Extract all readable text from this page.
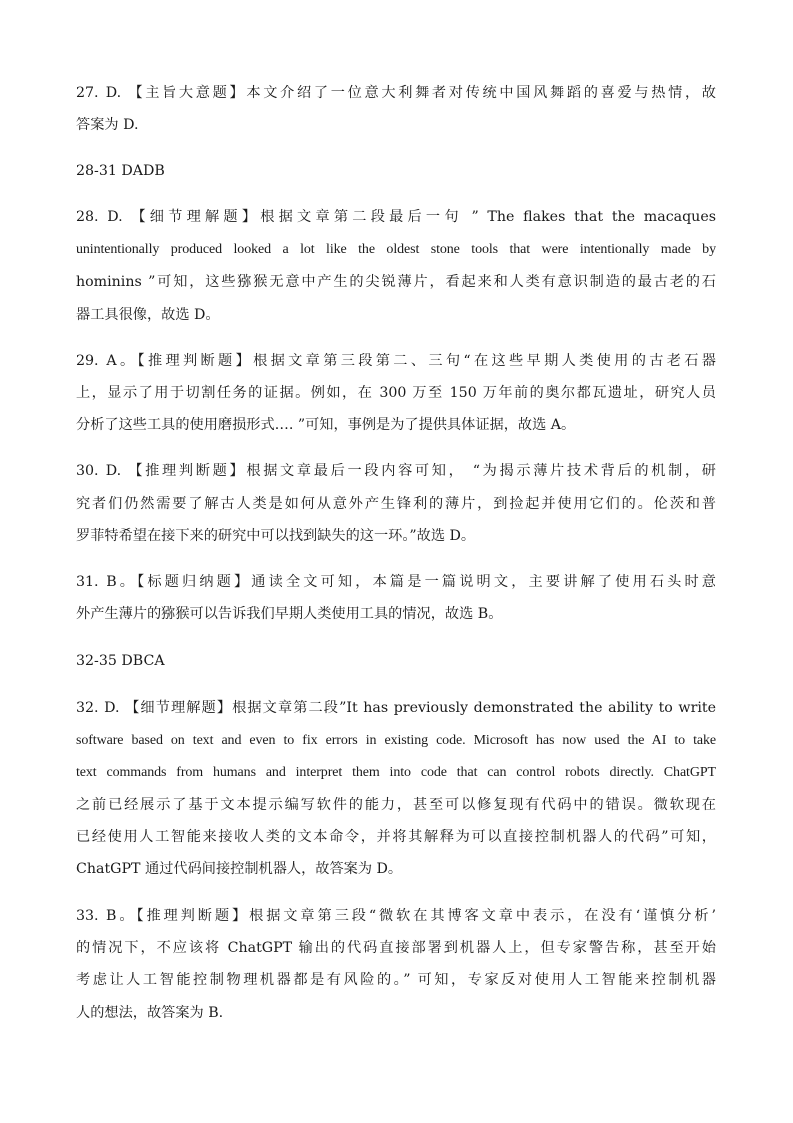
27. D. 【主旨大意题】本文介绍了一位意大利舞者对传统中国风舞蹈的喜爱与热情，故
答案为 D.
28-31 DADB
28. D. 【细节理解题】根据文章第二段最后一句 ” The flakes that the macaques
unintentionally produced looked a lot like the oldest stone tools that were intentionally made by
hominins ”可知，这些猕猴无意中产生的尖锐薄片，看起来和人类有意识制造的最古老的石
器工具很像，故选 D。
29. A。【推理判断题】根据文章第三段第二、三句“在这些早期人类使用的古老石器
上，显示了用于切割任务的证据。例如，在 300 万至 150 万年前的奥尔都瓦遗址，研究人员
分析了这些工具的使用磨损形式…. ”可知，事例是为了提供具体证据，故选 A。
30. D. 【推理判断题】根据文章最后一段内容可知， “为揭示薄片技术背后的机制，研
究者们仍然需要了解古人类是如何从意外产生锋利的薄片，到捡起并使用它们的。伦茨和普
罗菲特希望在接下来的研究中可以找到缺失的这一环。”故选 D。
31. B。【标题归纳题】通读全文可知，本篇是一篇说明文，主要讲解了使用石头时意
外产生薄片的猕猴可以告诉我们早期人类使用工具的情况，故选 B。
32-35 DBCA
32. D. 【细节理解题】根据文章第二段”It has previously demonstrated the ability to write
software based on text and even to fix errors in existing code. Microsoft has now used the AI to take
text commands from humans and interpret them into code that can control robots directly. ChatGPT
之前已经展示了基于文本提示编写软件的能力，甚至可以修复现有代码中的错误。微软现在
已经使用人工智能来接收人类的文本命令，并将其解释为可以直接控制机器人的代码”可知，
ChatGPT 通过代码间接控制机器人，故答案为 D。
33. B。【推理判断题】根据文章第三段“微软在其博客文章中表示，在没有‘谨慎分析’
的情况下，不应该将 ChatGPT 输出的代码直接部署到机器人上，但专家警告称，甚至开始
考虑让人工智能控制物理机器都是有风险的。” 可知，专家反对使用人工智能来控制机器
人的想法，故答案为 B.
